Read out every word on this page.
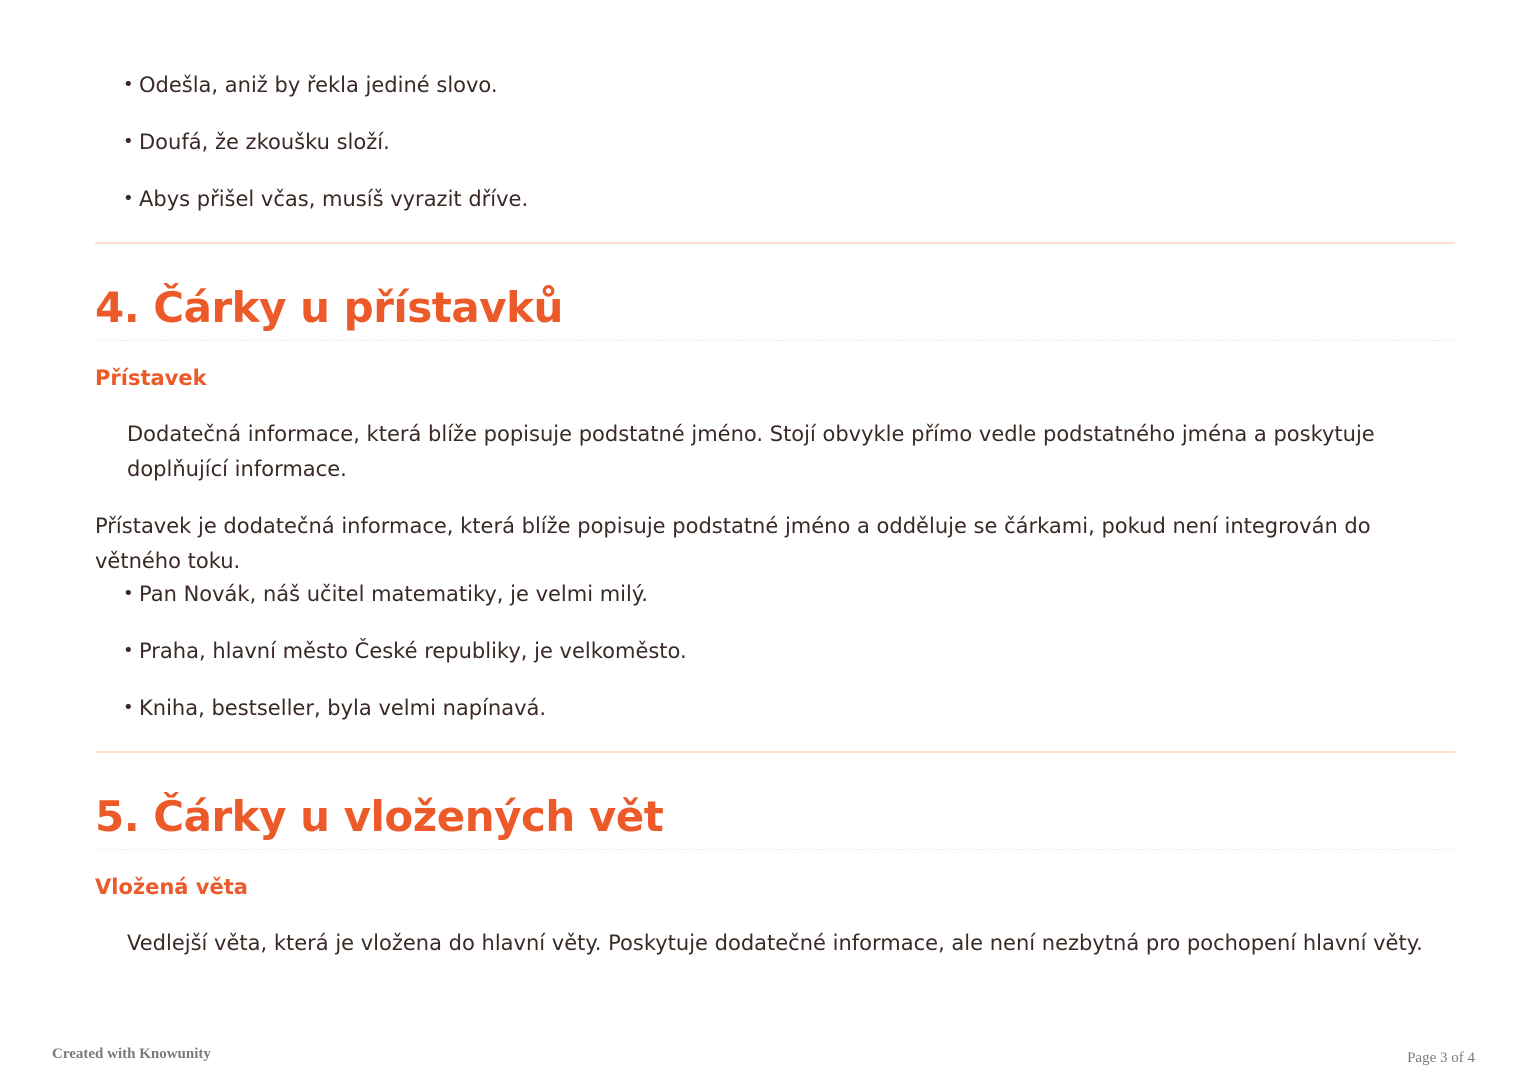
• Odešla, aniž by řekla jediné slovo.
• Doufá, že zkoušku složí.
• Abys přišel včas, musíš vyrazit dříve.
4. Čárky u přístavků
Přístavek

Dodatečná informace, která blíže popisuje podstatné jméno. Stojí obvykle přímo vedle podstatného jména a poskytuje doplňující informace.

Přístavek je dodatečná informace, která blíže popisuje podstatné jméno a odděluje se čárkami, pokud není integrován do větného toku.

• Pan Novák, náš učitel matematiky, je velmi milý.
• Praha, hlavní město České republiky, je velkoměsto.
• Kniha, bestseller, byla velmi napínavá.
5. Čárky u vložených vět
Vložená věta

Vedlejší věta, která je vložena do hlavní věty. Poskytuje dodatečné informace, ale není nezbytná pro pochopení hlavní věty.

Created with Knowunity	Page 3 of 4
